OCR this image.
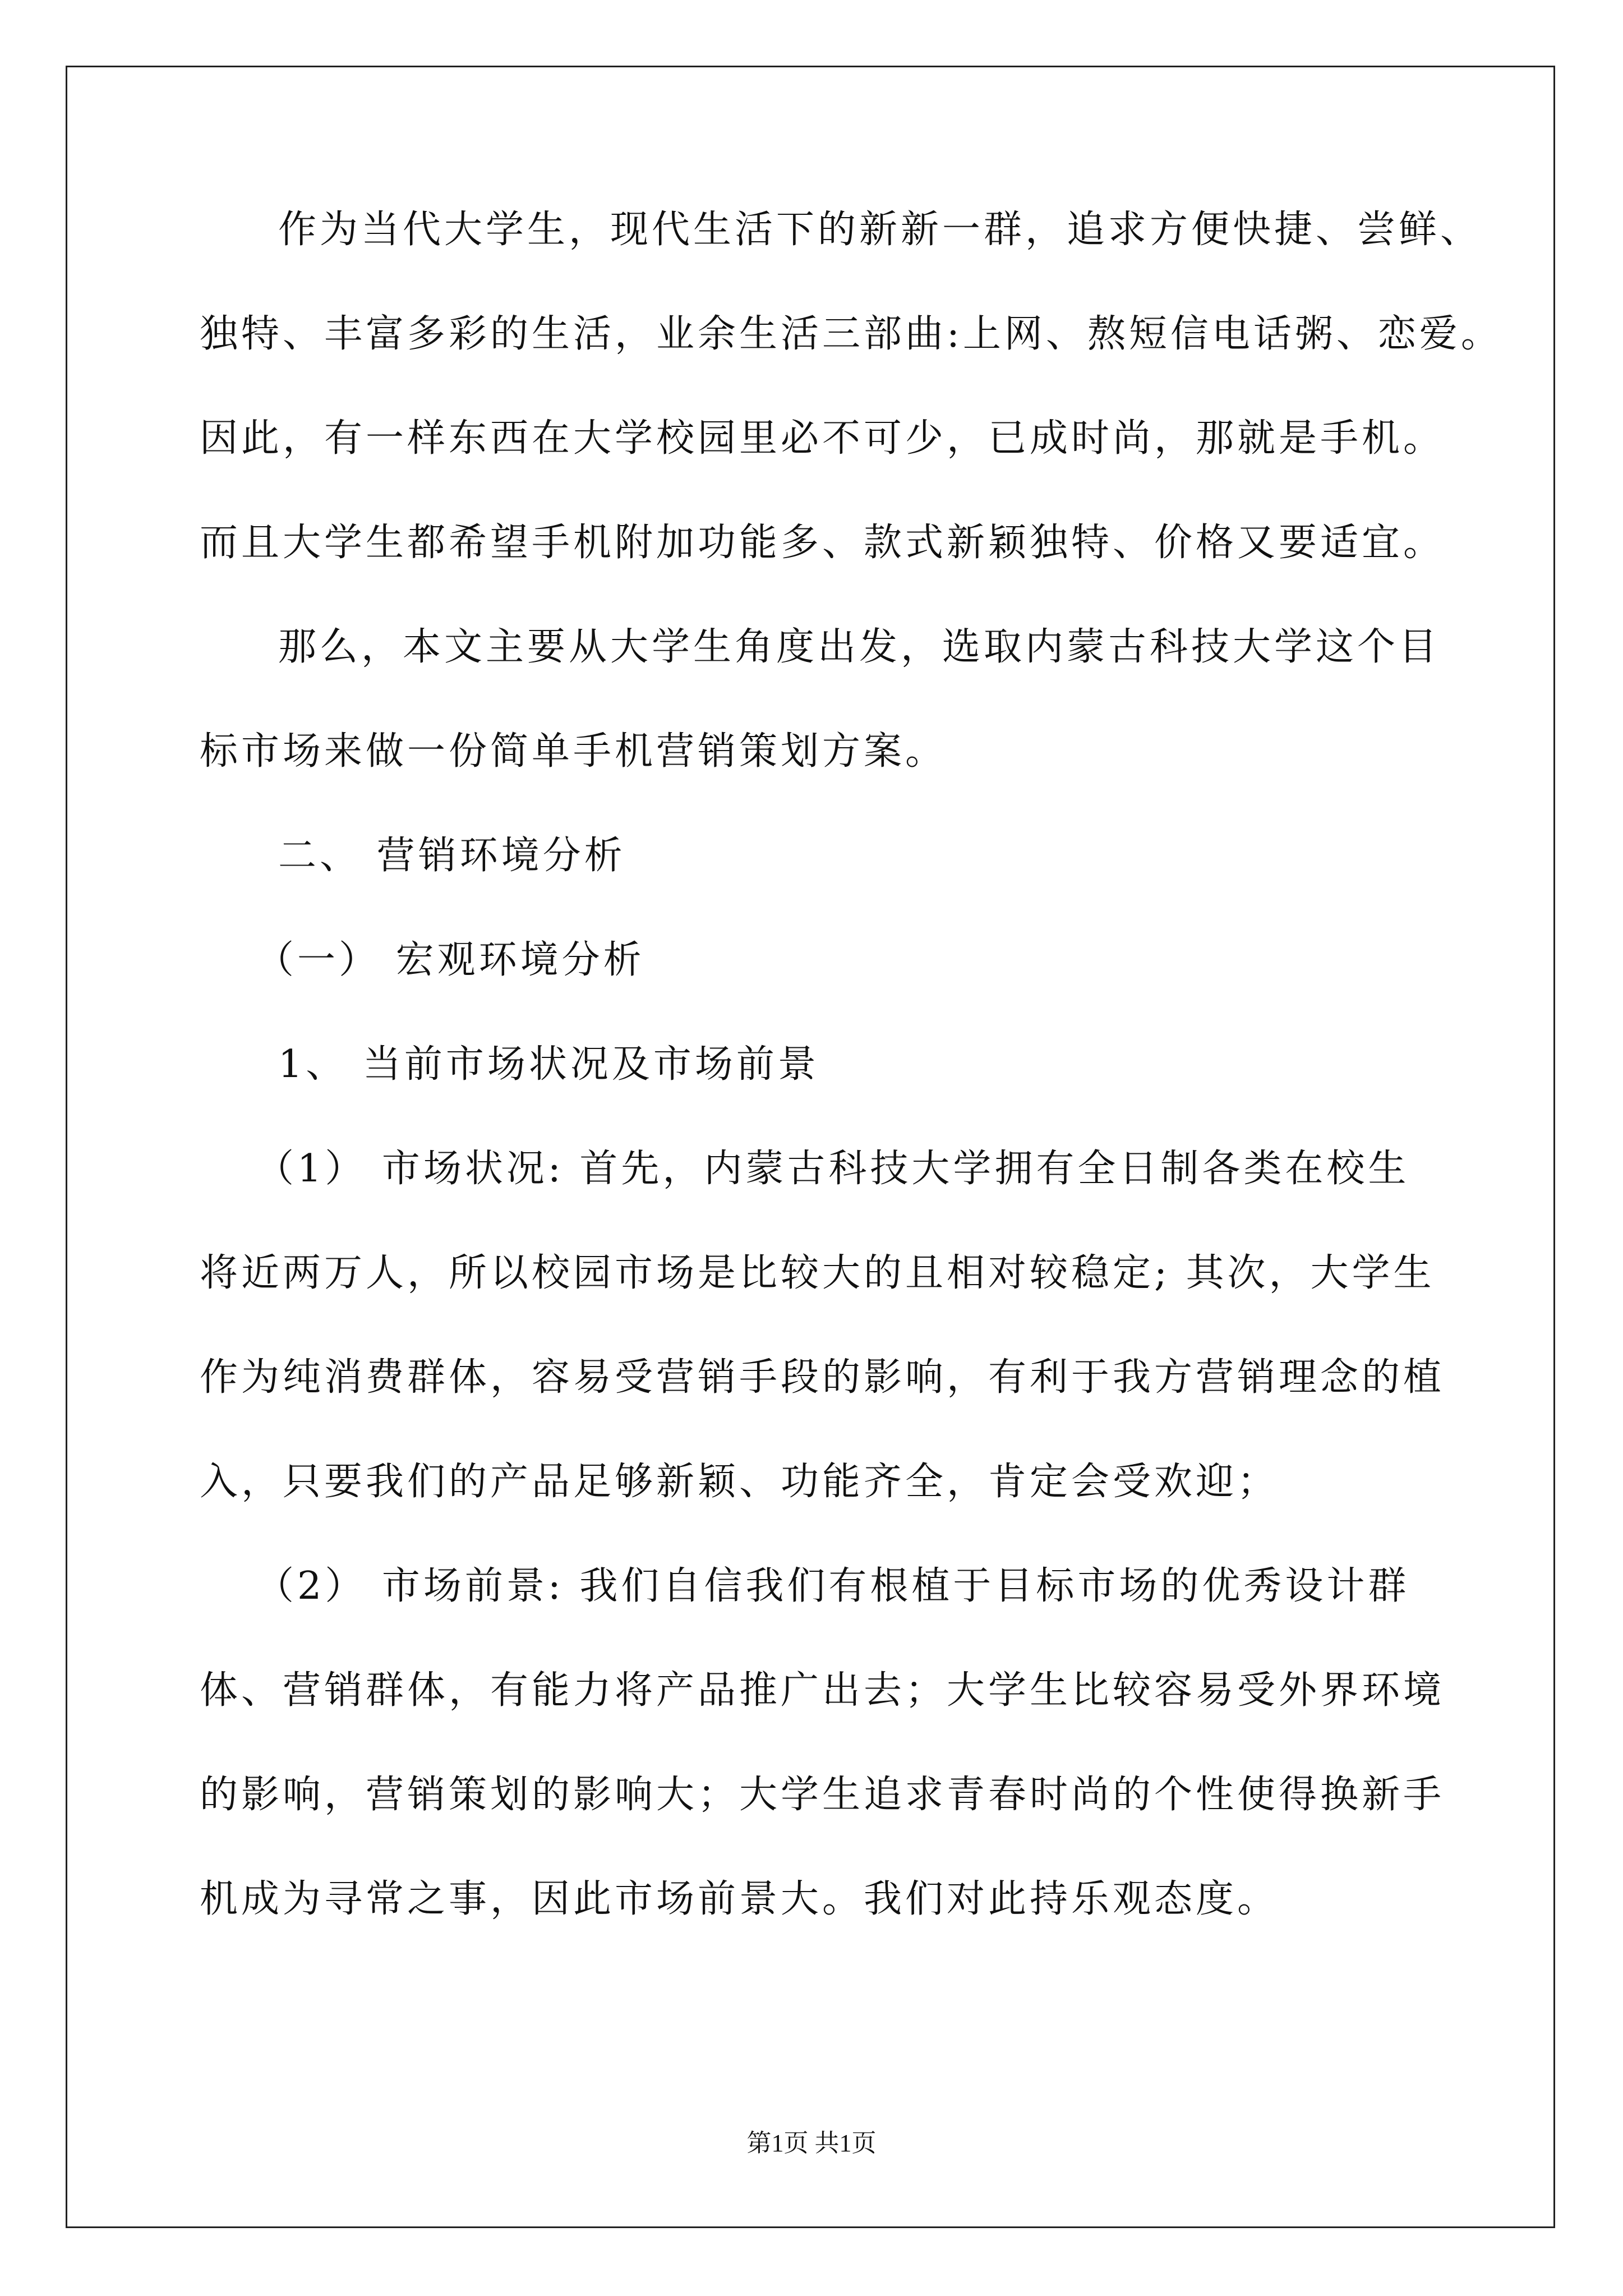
作为当代大学生，现代生活下的新新一群，追求方便快捷、尝鲜、
独特、丰富多彩的生活，业余生活三部曲:上网、熬短信电话粥、恋爱。
因此，有一样东西在大学校园里必不可少，已成时尚，那就是手机。
而且大学生都希望手机附加功能多、款式新颖独特、价格又要适宜。
那么，本文主要从大学生角度出发，选取内蒙古科技大学这个目
标市场来做一份简单手机营销策划方案。
二、 营销环境分析
（一） 宏观环境分析
1、 当前市场状况及市场前景
（1） 市场状况: 首先，内蒙古科技大学拥有全日制各类在校生
将近两万人，所以校园市场是比较大的且相对较稳定; 其次，大学生
作为纯消费群体，容易受营销手段的影响，有利于我方营销理念的植
入，只要我们的产品足够新颖、功能齐全，肯定会受欢迎；
（2） 市场前景: 我们自信我们有根植于目标市场的优秀设计群
体、营销群体，有能力将产品推广出去；大学生比较容易受外界环境
的影响，营销策划的影响大；大学生追求青春时尚的个性使得换新手
机成为寻常之事，因此市场前景大。我们对此持乐观态度。
第1页 共1页
